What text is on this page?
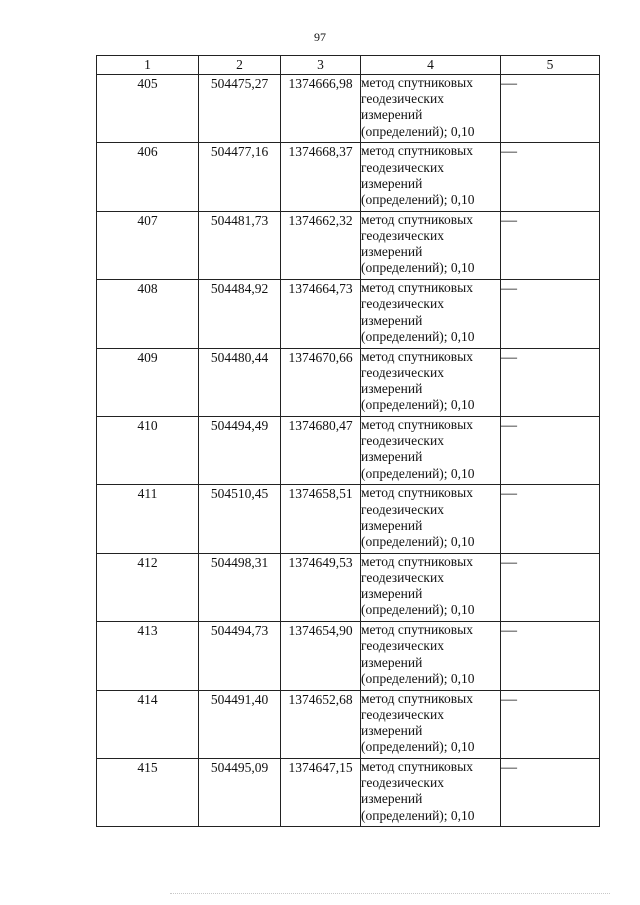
97
1	2	3	4	5
405	504475,27	1374666,98	метод спутниковых
геодезических
измерений
(определений); 0,10	—
406	504477,16	1374668,37	метод спутниковых
геодезических
измерений
(определений); 0,10	—
407	504481,73	1374662,32	метод спутниковых
геодезических
измерений
(определений); 0,10	—
408	504484,92	1374664,73	метод спутниковых
геодезических
измерений
(определений); 0,10	—
409	504480,44	1374670,66	метод спутниковых
геодезических
измерений
(определений); 0,10	—
410	504494,49	1374680,47	метод спутниковых
геодезических
измерений
(определений); 0,10	—
411	504510,45	1374658,51	метод спутниковых
геодезических
измерений
(определений); 0,10	—
412	504498,31	1374649,53	метод спутниковых
геодезических
измерений
(определений); 0,10	—
413	504494,73	1374654,90	метод спутниковых
геодезических
измерений
(определений); 0,10	—
414	504491,40	1374652,68	метод спутниковых
геодезических
измерений
(определений); 0,10	—
415	504495,09	1374647,15	метод спутниковых
геодезических
измерений
(определений); 0,10	—
